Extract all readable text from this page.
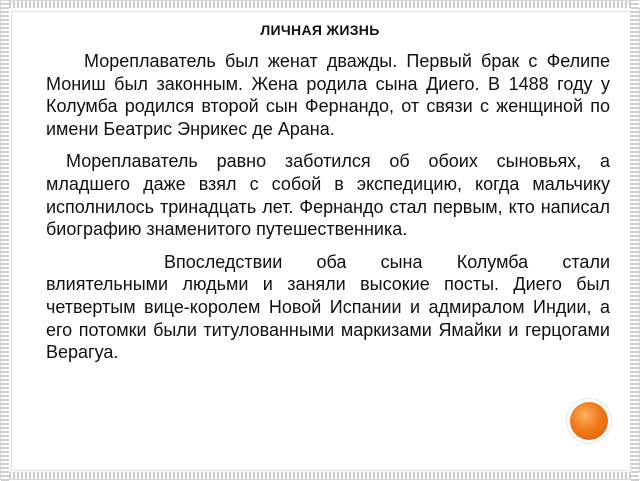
ЛИЧНАЯ ЖИЗНЬ

Мореплаватель был женат дважды. Первый брак с Фелипе Мониш был законным. Жена родила сына Диего. В 1488 году у Колумба родился второй сын Фернандо, от связи с женщиной по имени Беатрис Энрикес де Арана.

Мореплаватель равно заботился об обоих сыновьях, а младшего даже взял с собой в экспедицию, когда мальчику исполнилось тринадцать лет. Фернандо стал первым, кто написал биографию знаменитого путешественника.

Впоследствии оба сына Колумба стали влиятельными людьми и заняли высокие посты. Диего был четвертым вице-королем Новой Испании и адмиралом Индии, а его потомки были титулованными маркизами Ямайки и герцогами Верагуа.
